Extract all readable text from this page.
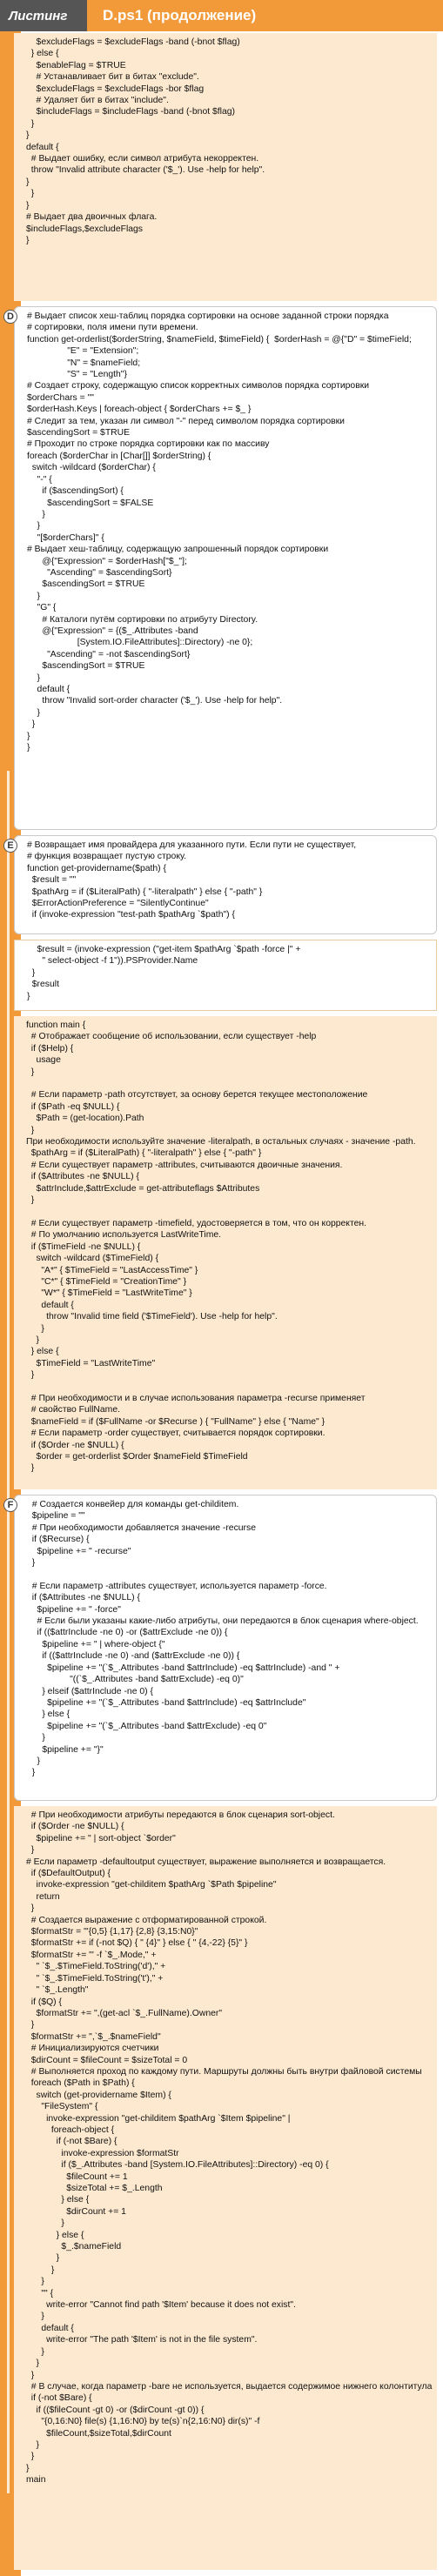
Листинг	D.ps1 (продолжение)
$excludeFlags = $excludeFlags -band (-bnot $flag)
} else {
$enableFlag = $TRUE
# Устанавливает бит в битах "exclude".
$excludeFlags = $excludeFlags -bor $flag
# Удаляет бит в битах "include".
$includeFlags = $includeFlags -band (-bnot $flag)
}
}
default {
# Выдает ошибку, если символ атрибута некорректен.
throw "Invalid attribute character ('$_'). Use -help for help".
}
}
}
# Выдает два двоичных флага.
$includeFlags,$excludeFlags
}
# Выдает список хеш-таблиц порядка сортировки на основе заданной строки порядка
# сортировки, поля имени пути времени.
function get-orderlist($orderString, $nameField, $timeField) {  $orderHash = @{"D" = $timeField;
"E" = "Extension";
"N" = $nameField;
"S" = "Length"}
# Создает строку, содержащую список корректных символов порядка сортировки
$orderChars = ""
$orderHash.Keys | foreach-object { $orderChars += $_ }
# Следит за тем, указан ли символ "-" перед символом порядка сортировки
$ascendingSort = $TRUE
# Проходит по строке порядка сортировки как по массиву
foreach ($orderChar in [Char[]] $orderString) {
switch -wildcard ($orderChar) {
"-" {
if ($ascendingSort) {
$ascendingSort = $FALSE
}
}
"[$orderChars]" {
# Выдает хеш-таблицу, содержащую запрошенный порядок сортировки
@{"Expression" = $orderHash["$_"];
"Ascending" = $ascendingSort}
$ascendingSort = $TRUE
}
"G" {
# Каталоги путём сортировки по атрибуту Directory.
@{"Expression" = {($_.Attributes -band
[System.IO.FileAttributes]::Directory) -ne 0};
"Ascending" = -not $ascendingSort}
$ascendingSort = $TRUE
}
default {
throw "Invalid sort-order character ('$_'). Use -help for help".
}
}
}
}
D
# Возвращает имя провайдера для указанного пути. Если пути не существует,
# функция возвращает пустую строку.
function get-providername($path) {
$result = ""
$pathArg = if ($LiteralPath) { "-literalpath" } else { "-path" }
$ErrorActionPreference = "SilentlyContinue"
if (invoke-expression "test-path $pathArg `$path") {
E
$result = (invoke-expression ("get-item $pathArg `$path -force |" +
" select-object -f 1")).PSProvider.Name
}
$result
}
function main {
# Отображает сообщение об использовании, если существует -help
if ($Help) {
usage
}

# Если параметр -path отсутствует, за основу берется текущее местоположение
if ($Path -eq $NULL) {
$Path = (get-location).Path
}
При необходимости используйте значение -literalpath, в остальных случаях - значение -path.
$pathArg = if ($LiteralPath) { "-literalpath" } else { "-path" }
# Если существует параметр -attributes, считываются двоичные значения.
if ($Attributes -ne $NULL) {
$attrInclude,$attrExclude = get-attributeflags $Attributes
}

# Если существует параметр -timefield, удостоверяется в том, что он корректен.
# По умолчанию используется LastWriteTime.
if ($TimeField -ne $NULL) {
switch -wildcard ($TimeField) {
"A*" { $TimeField = "LastAccessTime" }
"C*" { $TimeField = "CreationTime" }
"W*" { $TimeField = "LastWriteTime" }
default {
throw "Invalid time field ('$TimeField'). Use -help for help".
}
}
} else {
$TimeField = "LastWriteTime"
}

# При необходимости и в случае использования параметра -recurse применяет
# свойство FullName.
$nameField = if ($FullName -or $Recurse ) { "FullName" } else { "Name" }
# Если параметр -order существует, считывается порядок сортировки.
if ($Order -ne $NULL) {
$order = get-orderlist $Order $nameField $TimeField
}
# Создается конвейер для команды get-childitem.
$pipeline = ""
# При необходимости добавляется значение -recurse
if ($Recurse) {
$pipeline += " -recurse"
}

# Если параметр -attributes существует, используется параметр -force.
if ($Attributes -ne $NULL) {
$pipeline += " -force"
# Если были указаны какие-либо атрибуты, они передаются в блок сценария where-object.
if (($attrInclude -ne 0) -or ($attrExclude -ne 0)) {
$pipeline += " | where-object {"
if (($attrInclude -ne 0) -and ($attrExclude -ne 0)) {
$pipeline += "(`$_.Attributes -band $attrInclude) -eq $attrInclude) -and " +
"((`$_.Attributes -band $attrExclude) -eq 0)"
} elseif ($attrInclude -ne 0) {
$pipeline += "(`$_.Attributes -band $attrInclude) -eq $attrInclude"
} else {
$pipeline += "(`$_.Attributes -band $attrExclude) -eq 0"
}
$pipeline += "}"
}
}
F
# При необходимости атрибуты передаются в блок сценария sort-object.
if ($Order -ne $NULL) {
$pipeline += " | sort-object `$order"
}
# Если параметр -defaultoutput существует, выражение выполняется и возвращается.
if ($DefaultOutput) {
invoke-expression "get-childitem $pathArg `$Path $pipeline"
return
}
# Создается выражение с отформатированной строкой.
$formatStr = "'{0,5} {1,17} {2,8} {3,15:N0}"
$formatStr += if (-not $Q) { " {4}" } else { " {4,-22} {5}" }
$formatStr += "' -f `$_.Mode," +
" `$_.$TimeField.ToString('d')," +
" `$_.$TimeField.ToString('t')," +
" `$_.Length"
if ($Q) {
$formatStr += ",(get-acl `$_.FullName).Owner"
}
$formatStr += ",`$_.$nameField"
# Инициализируются счетчики
$dirCount = $fileCount = $sizeTotal = 0
# Выполняется проход по каждому пути. Маршруты должны быть внутри файловой системы
foreach ($Path in $Path) {
switch (get-providername $Item) {
"FileSystem" {
invoke-expression "get-childitem $pathArg `$Item $pipeline" |
foreach-object {
if (-not $Bare) {
invoke-expression $formatStr
if ($_.Attributes -band [System.IO.FileAttributes]::Directory) -eq 0) {
$fileCount += 1
$sizeTotal += $_.Length
} else {
$dirCount += 1
}
} else {
$_.$nameField
}
}
}
"" {
write-error "Cannot find path '$Item' because it does not exist".
}
default {
write-error "The path '$Item' is not in the file system".
}
}
}
# В случае, когда параметр -bare не используется, выдается содержимое нижнего колонтитула
if (-not $Bare) {
if (($fileCount -gt 0) -or ($dirCount -gt 0)) {
"{0,16:N0} file(s) {1,16:N0} by te(s)`n{2,16:N0} dir(s)" -f
$fileCount,$sizeTotal,$dirCount
}
}
}
main
